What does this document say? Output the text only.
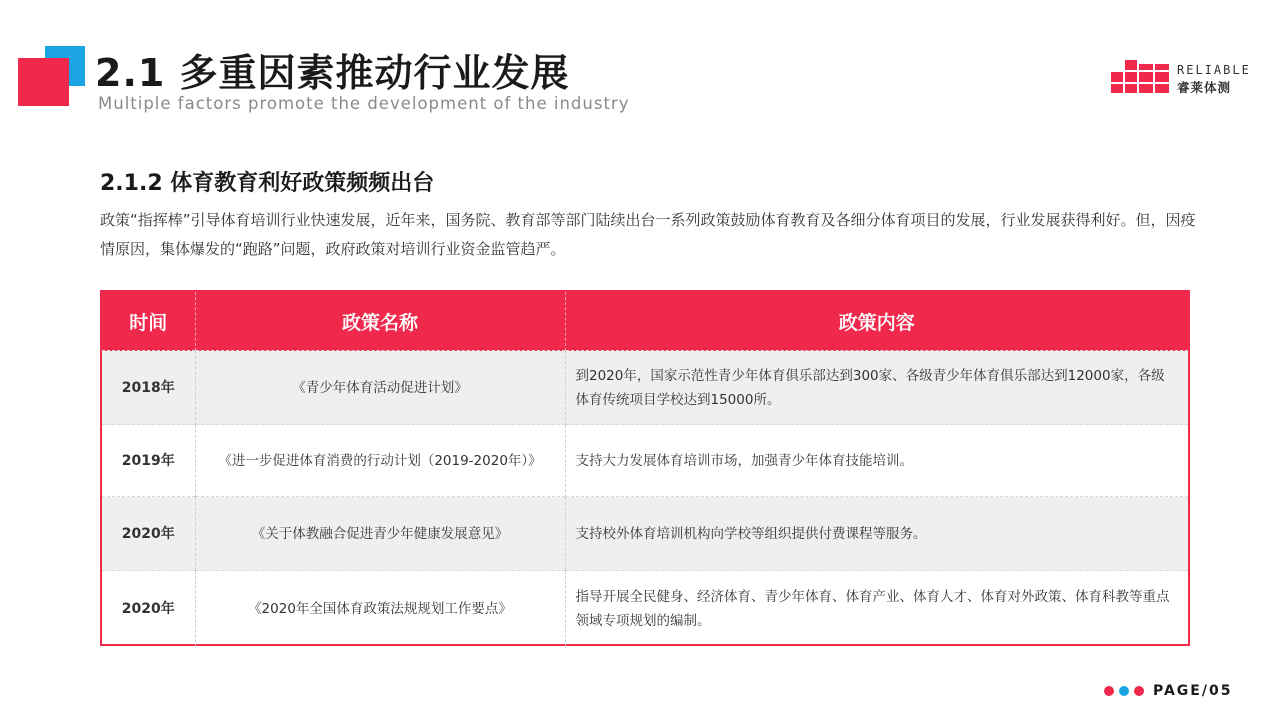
2.1 多重因素推动行业发展
Multiple factors promote the development of the industry
RELIABLE
睿莱体测
2.1.2 体育教育利好政策频频出台
政策“指挥棒”引导体育培训行业快速发展，近年来，国务院、教育部等部门陆续出台一系列政策鼓励体育教育及各细分体育项目的发展，行业发展获得利好。但，因疫情原因，集体爆发的“跑路”问题，政府政策对培训行业资金监管趋严。
时间	政策名称	政策内容
2018年	《青少年体育活动促进计划》	到2020年，国家示范性青少年体育俱乐部达到300家、各级青少年体育俱乐部达到12000家，各级体育传统项目学校达到15000所。
2019年	《进一步促进体育消费的行动计划（2019-2020年）》	支持大力发展体育培训市场，加强青少年体育技能培训。
2020年	《关于体教融合促进青少年健康发展意见》	支持校外体育培训机构向学校等组织提供付费课程等服务。
2020年	《2020年全国体育政策法规规划工作要点》	指导开展全民健身、经济体育、青少年体育、体育产业、体育人才、体育对外政策、体育科教等重点领域专项规划的编制。
PAGE/05
